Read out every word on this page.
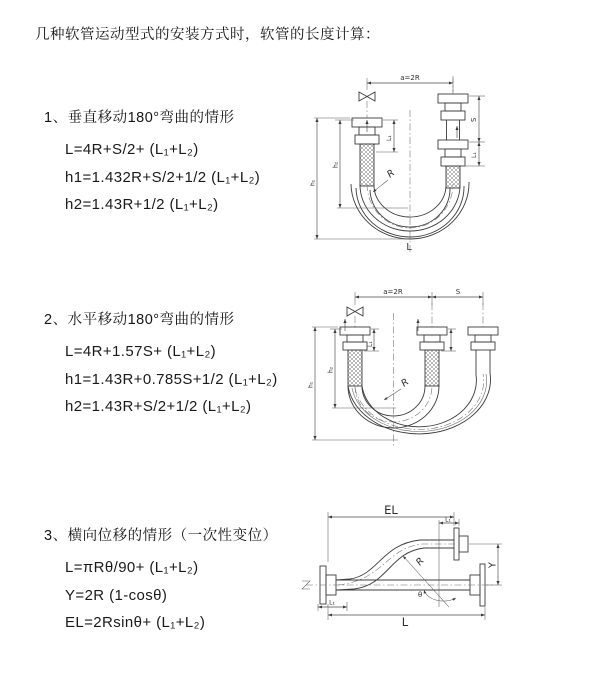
几种软管运动型式的安装方式时，软管的长度计算：
1、垂直移动180°弯曲的情形
L=4R+S/2+ (L₁+L₂)
h1=1.432R+S/2+1/2 (L₁+L₂)
h2=1.43R+1/2 (L₁+L₂)
2、水平移动180°弯曲的情形
L=4R+1.57S+ (L₁+L₂)
h1=1.43R+0.785S+1/2 (L₁+L₂)
h2=1.43R+S/2+1/2 (L₁+L₂)
3、横向位移的情形（一次性变位）
L=πRθ/90+ (L₁+L₂)
Y=2R (1-cosθ)
EL=2Rsinθ+ (L₁+L₂)
a=2R
L₁
h₂
h₁
S
L₁
R
L
a=2R	S
L₁
h₂
h₁	R
R
θ
EL
L₁
Y
L
L₁
